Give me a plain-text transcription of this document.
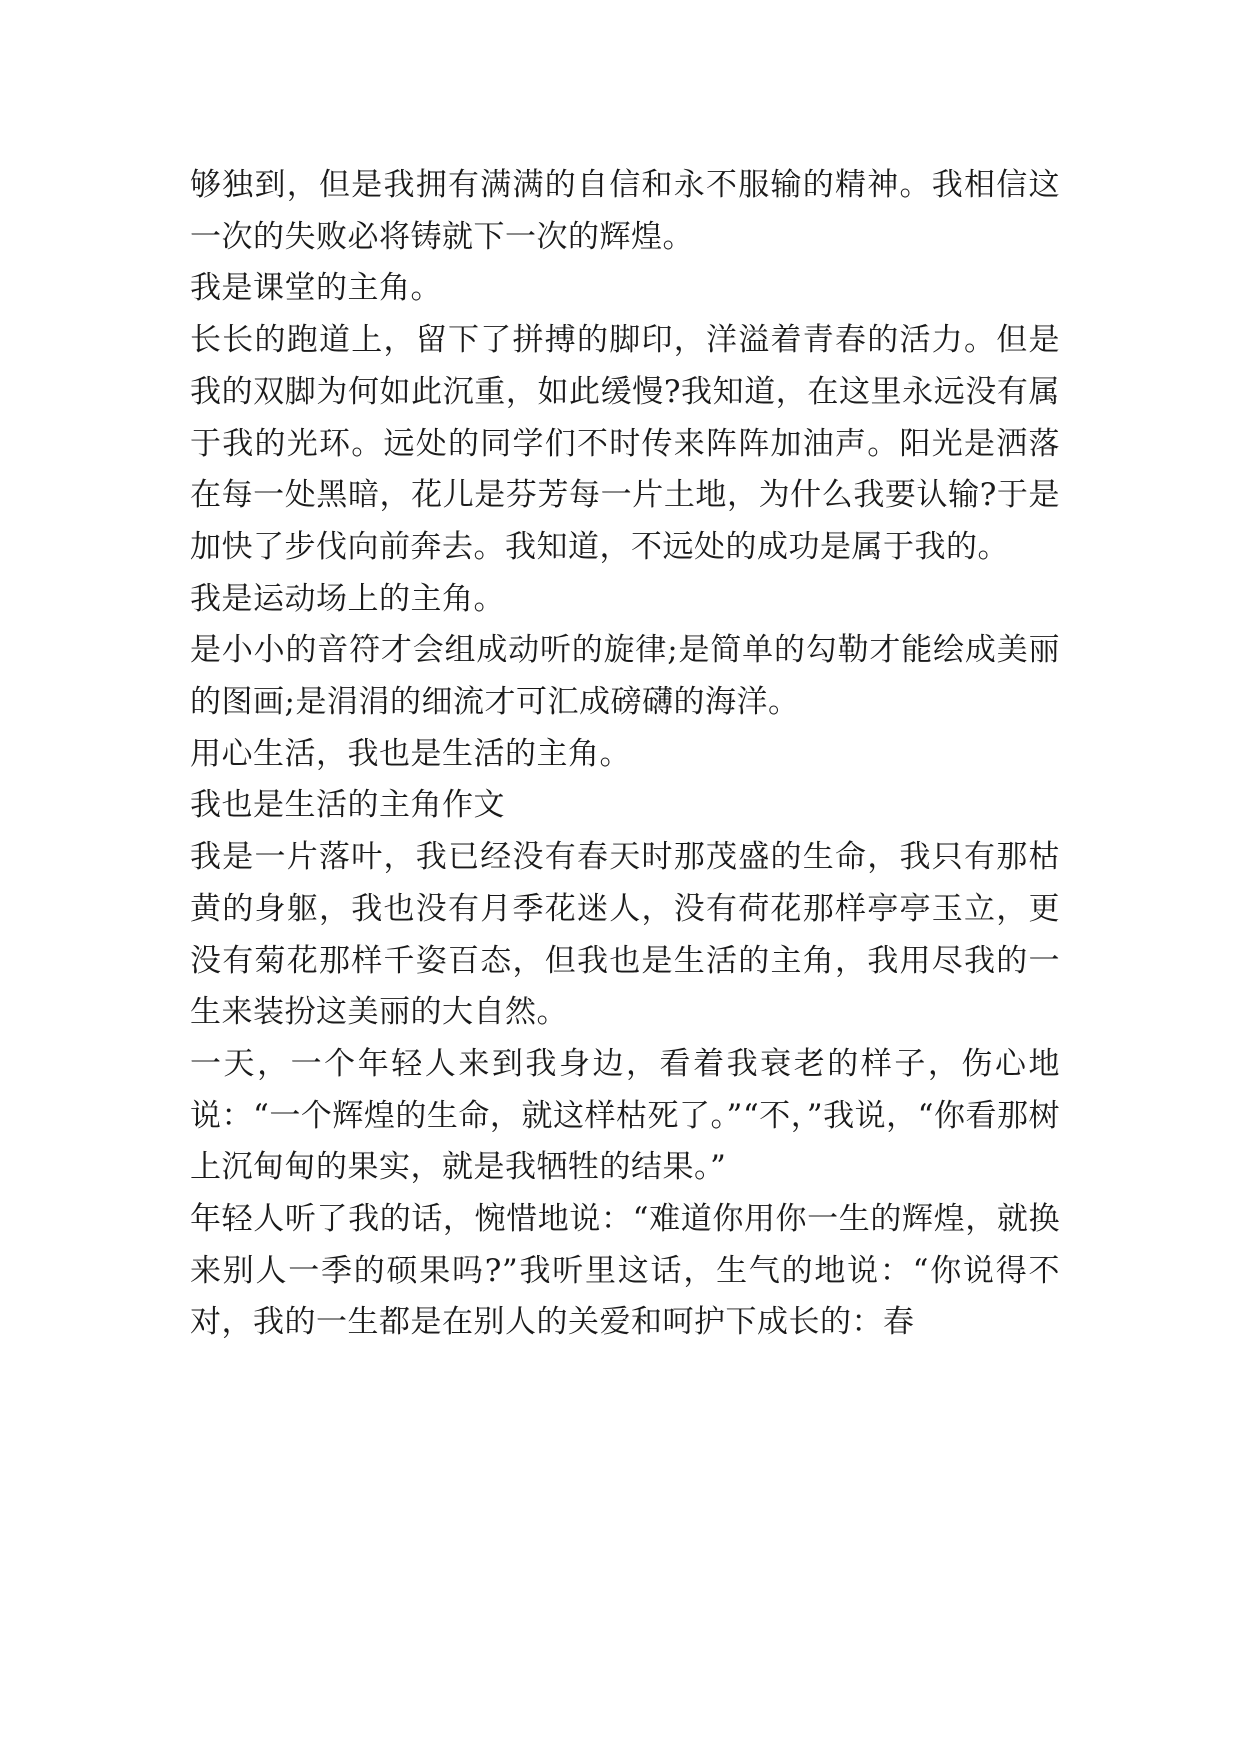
够独到，但是我拥有满满的自信和永不服输的精神。我相信这一次的失败必将铸就下一次的辉煌。

我是课堂的主角。

长长的跑道上，留下了拼搏的脚印，洋溢着青春的活力。但是我的双脚为何如此沉重，如此缓慢?我知道，在这里永远没有属于我的光环。远处的同学们不时传来阵阵加油声。阳光是洒落在每一处黑暗，花儿是芬芳每一片土地，为什么我要认输?于是加快了步伐向前奔去。我知道，不远处的成功是属于我的。

我是运动场上的主角。

是小小的音符才会组成动听的旋律;是简单的勾勒才能绘成美丽的图画;是涓涓的细流才可汇成磅礴的海洋。

用心生活，我也是生活的主角。

我也是生活的主角作文

我是一片落叶，我已经没有春天时那茂盛的生命，我只有那枯黄的身躯，我也没有月季花迷人，没有荷花那样亭亭玉立，更没有菊花那样千姿百态，但我也是生活的主角，我用尽我的一生来装扮这美丽的大自然。

一天，一个年轻人来到我身边，看着我衰老的样子，伤心地说：“一个辉煌的生命，就这样枯死了。”“不，”我说，“你看那树上沉甸甸的果实，就是我牺牲的结果。”

年轻人听了我的话，惋惜地说：“难道你用你一生的辉煌，就换来别人一季的硕果吗?”我听里这话，生气的地说：“你说得不对，我的一生都是在别人的关爱和呵护下成长的：春
